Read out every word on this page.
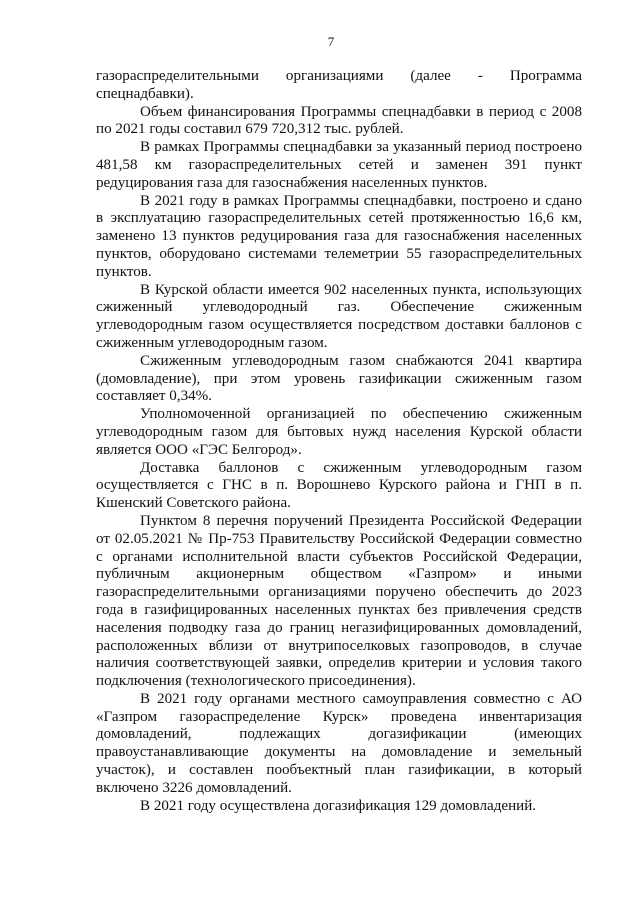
7

газораспределительными организациями (далее - Программа спецнадбавки).

Объем финансирования Программы спецнадбавки в период с 2008 по 2021 годы составил 679 720,312 тыс. рублей.

В рамках Программы спецнадбавки за указанный период построено 481,58 км газораспределительных сетей и заменен 391 пункт редуцирования газа для газоснабжения населенных пунктов.

В 2021 году в рамках Программы спецнадбавки, построено и сдано в эксплуатацию газораспределительных сетей протяженностью 16,6 км, заменено 13 пунктов редуцирования газа для газоснабжения населенных пунктов, оборудовано системами телеметрии 55 газораспределительных пунктов.

В Курской области имеется 902 населенных пункта, использующих сжиженный углеводородный газ. Обеспечение сжиженным углеводородным газом осуществляется посредством доставки баллонов с сжиженным углеводородным газом.

Сжиженным углеводородным газом снабжаются 2041 квартира (домовладение), при этом уровень газификации сжиженным газом составляет 0,34%.

Уполномоченной организацией по обеспечению сжиженным углеводородным газом для бытовых нужд населения Курской области является ООО «ГЭС Белгород».

Доставка баллонов с сжиженным углеводородным газом осуществляется с ГНС в п. Ворошнево Курского района и ГНП в п. Кшенский Советского района.

Пунктом 8 перечня поручений Президента Российской Федерации от 02.05.2021 № Пр-753 Правительству Российской Федерации совместно с органами исполнительной власти субъектов Российской Федерации, публичным акционерным обществом «Газпром» и иными газораспределительными организациями поручено обеспечить до 2023 года в газифицированных населенных пунктах без привлечения средств населения подводку газа до границ негазифицированных домовладений, расположенных вблизи от внутрипоселковых газопроводов, в случае наличия соответствующей заявки, определив критерии и условия такого подключения (технологического присоединения).

В 2021 году органами местного самоуправления совместно с АО «Газпром газораспределение Курск» проведена инвентаризация домовладений, подлежащих догазификации (имеющих правоустанавливающие документы на домовладение и земельный участок), и составлен пообъектный план газификации, в который включено 3226 домовладений.

В 2021 году осуществлена догазификация 129 домовладений.
